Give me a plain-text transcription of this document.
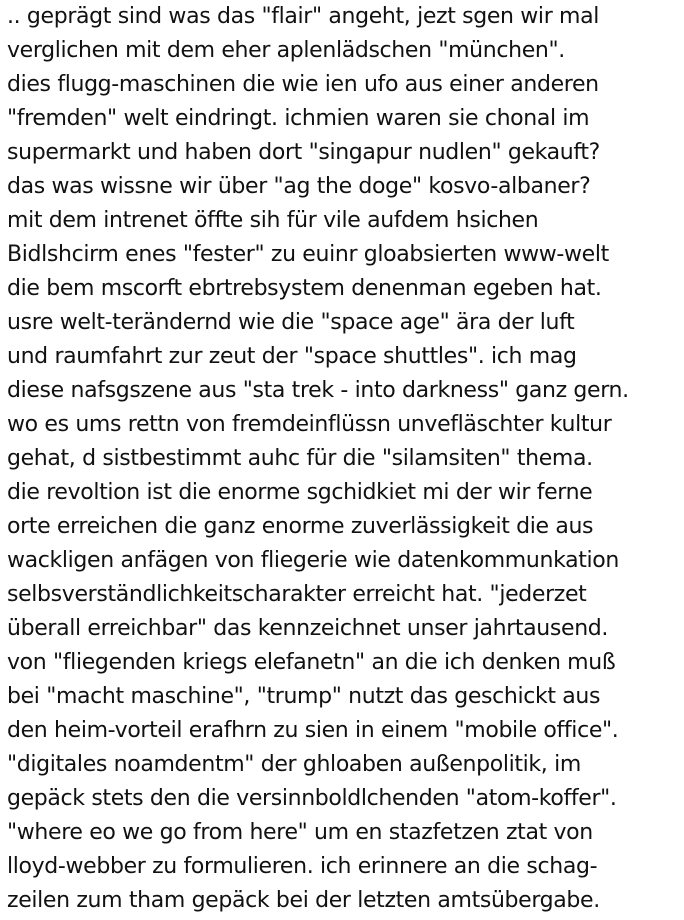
.. geprägt sind was das "flair" angeht, jezt sgen wir mal
verglichen mit dem eher aplenlädschen "münchen".
dies flugg-maschinen die wie ien ufo aus einer anderen
"fremden" welt eindringt. ichmien waren sie chonal im
supermarkt und haben dort "singapur nudlen" gekauft?
das was wissne wir über "ag the doge" kosvo-albaner?
mit dem intrenet öffte sih für vile aufdem hsichen
Bidlshcirm enes "fester" zu euinr gloabsierten www-welt
die bem mscorft ebrtrebsystem denenman egeben hat.
usre welt-terändernd wie die "space age" ära der luft
und raumfahrt zur zeut der "space shuttles". ich mag
diese nafsgszene aus "sta trek - into darkness" ganz gern.
wo es ums rettn von fremdeinflüssn unvefläschter kultur
gehat, d sistbestimmt auhc für die "silamsiten" thema.
die revoltion ist die enorme sgchidkiet mi der wir ferne
orte erreichen die ganz enorme zuverlässigkeit die aus
wackligen anfägen von fliegerie wie datenkommunkation
selbsverständlichkeitscharakter erreicht hat. "jederzet
überall erreichbar" das kennzeichnet unser jahrtausend.
von "fliegenden kriegs elefanetn" an die ich denken muß
bei "macht maschine", "trump" nutzt das geschickt aus
den heim-vorteil erafhrn zu sien in einem "mobile office".
"digitales noamdentm" der ghloaben außenpolitik, im
gepäck stets den die versinnboldlchenden "atom-koffer".
"where eo we go from here" um en stazfetzen ztat von
lloyd-webber zu formulieren. ich erinnere an die schag-
zeilen zum tham gepäck bei der letzten amtsübergabe.
